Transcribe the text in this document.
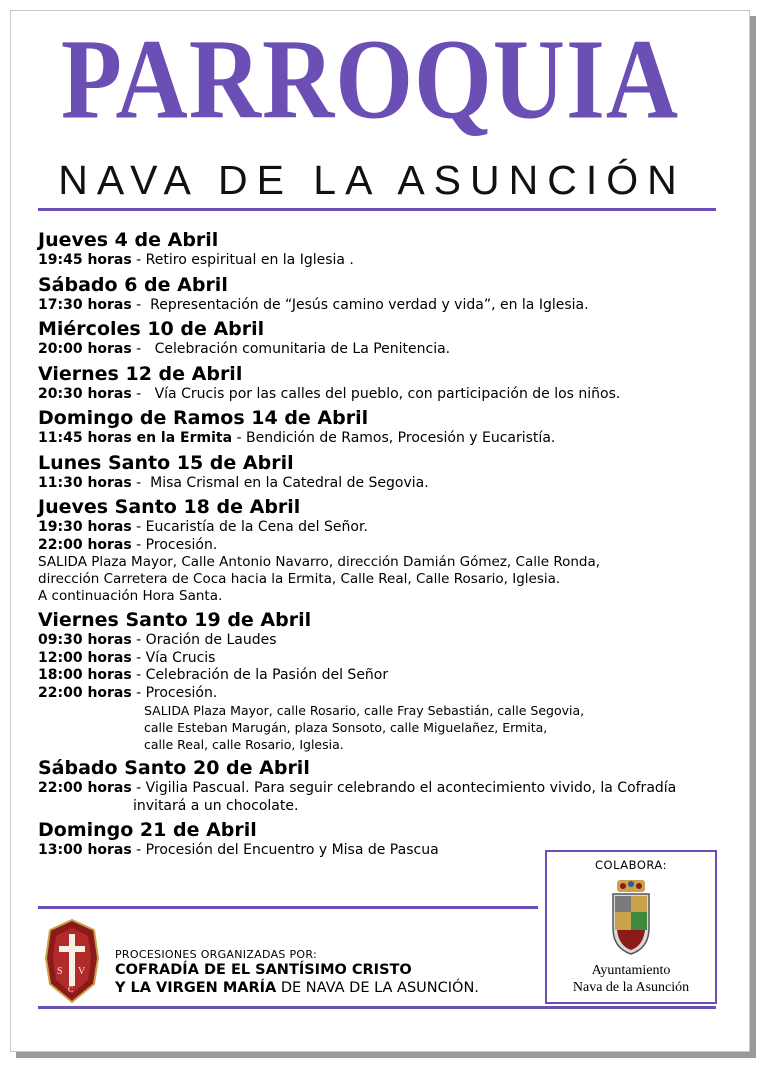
PARROQUIA
NAVA DE LA ASUNCIÓN
Jueves 4 de Abril
19:45 horas - Retiro espiritual en la Iglesia .
Sábado 6 de Abril
17:30 horas -  Representación de “Jesús camino verdad y vida”, en la Iglesia.
Miércoles 10 de Abril
20:00 horas -   Celebración comunitaria de La Penitencia.
Viernes 12 de Abril
20:30 horas -   Vía Crucis por las calles del pueblo, con participación de los niños.
Domingo de Ramos 14 de Abril
11:45 horas en la Ermita - Bendición de Ramos, Procesión y Eucaristía.
Lunes Santo 15 de Abril
11:30 horas -  Misa Crismal en la Catedral de Segovia.
Jueves Santo 18 de Abril
19:30 horas - Eucaristía de la Cena del Señor.
22:00 horas - Procesión.
SALIDA Plaza Mayor, Calle Antonio Navarro, dirección Damián Gómez, Calle Ronda,
dirección Carretera de Coca hacia la Ermita, Calle Real, Calle Rosario, Iglesia.
A continuación Hora Santa.
Viernes Santo 19 de Abril
09:30 horas - Oración de Laudes
12:00 horas - Vía Crucis
18:00 horas - Celebración de la Pasión del Señor
22:00 horas - Procesión.
SALIDA Plaza Mayor, calle Rosario, calle Fray Sebastián, calle Segovia,
calle Esteban Marugán, plaza Sonsoto, calle Miguelañez, Ermita,
calle Real, calle Rosario, Iglesia.
Sábado Santo 20 de Abril
22:00 horas - Vigilia Pascual. Para seguir celebrando el acontecimiento vivido, la Cofradía
invitará a un chocolate.
Domingo 21 de Abril
13:00 horas - Procesión del Encuentro y Misa de Pascua
S V
C
PROCESIONES ORGANIZADAS POR:
COFRADÍA DE EL SANTÍSIMO CRISTO
Y LA VIRGEN MARÍA DE NAVA DE LA ASUNCIÓN.
COLABORA:
Ayuntamiento
Nava de la Asunción
